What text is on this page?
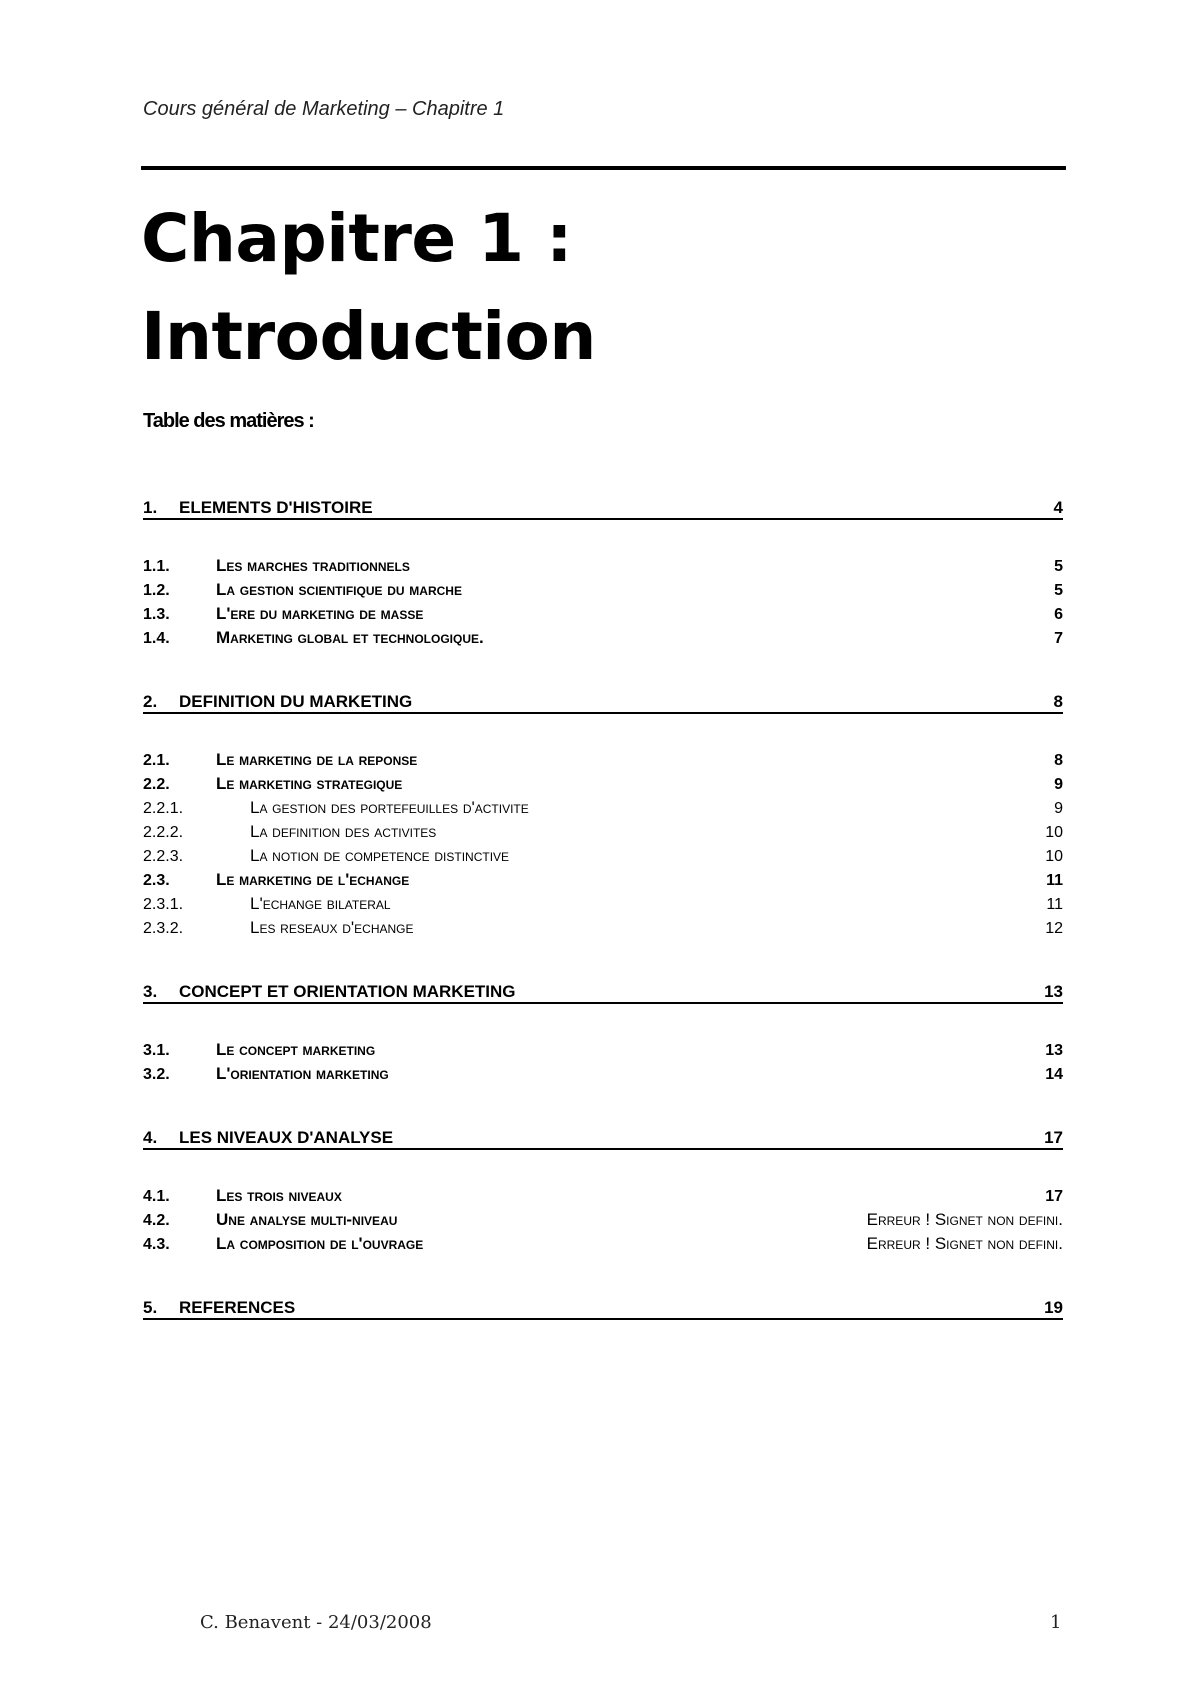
Cours général de Marketing – Chapitre 1
Chapitre 1 :
Introduction
Table des matières :
1.	ELEMENTS D'HISTOIRE	4
1.1.	Les marches traditionnels	5
1.2.	La gestion scientifique du marche	5
1.3.	L'ere du marketing de masse	6
1.4.	Marketing global et technologique.	7
2.	DEFINITION DU MARKETING	8
2.1.	Le marketing de la reponse	8
2.2.	Le marketing strategique	9
2.2.1.	La gestion des portefeuilles d'activite	9
2.2.2.	La definition des activites	10
2.2.3.	La notion de competence distinctive	10
2.3.	Le marketing de l'echange	11
2.3.1.	L'echange bilateral	11
2.3.2.	Les reseaux d'echange	12
3.	CONCEPT ET ORIENTATION MARKETING	13
3.1.	Le concept marketing	13
3.2.	L'orientation marketing	14
4.	LES NIVEAUX D'ANALYSE	17
4.1.	Les trois niveaux	17
4.2.	Une analyse multi-niveau	Erreur ! Signet non defini.
4.3.	La composition de l'ouvrage	Erreur ! Signet non defini.
5.	REFERENCES	19
C. Benavent - 24/03/2008	1
